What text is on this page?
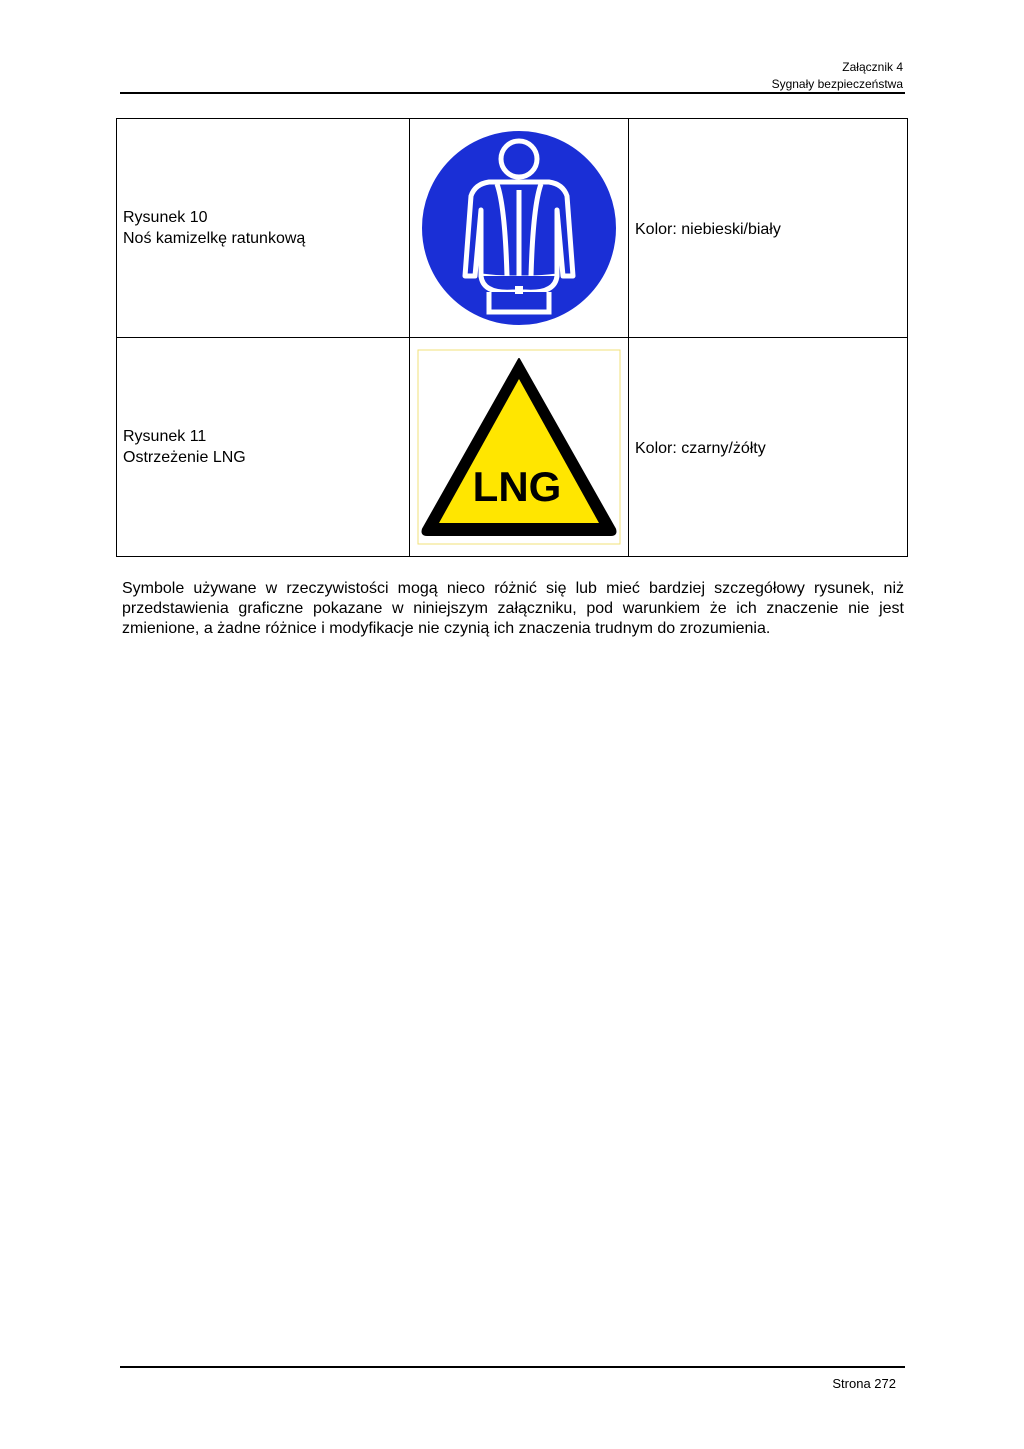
Załącznik 4
Sygnały bezpieczeństwa
Rysunek 10
Noś kamizelkę ratunkową		Kolor: niebieski/biały

Rysunek 11
Ostrzeżenie LNG	LNG	Kolor: czarny/żółty
Symbole używane w rzeczywistości mogą nieco różnić się lub mieć bardziej szczegółowy rysunek, niż przedstawienia graficzne pokazane w niniejszym załączniku, pod warunkiem że ich znaczenie nie jest zmienione, a żadne różnice i modyfikacje nie czynią ich znaczenia trudnym do zrozumienia.
Strona 272
